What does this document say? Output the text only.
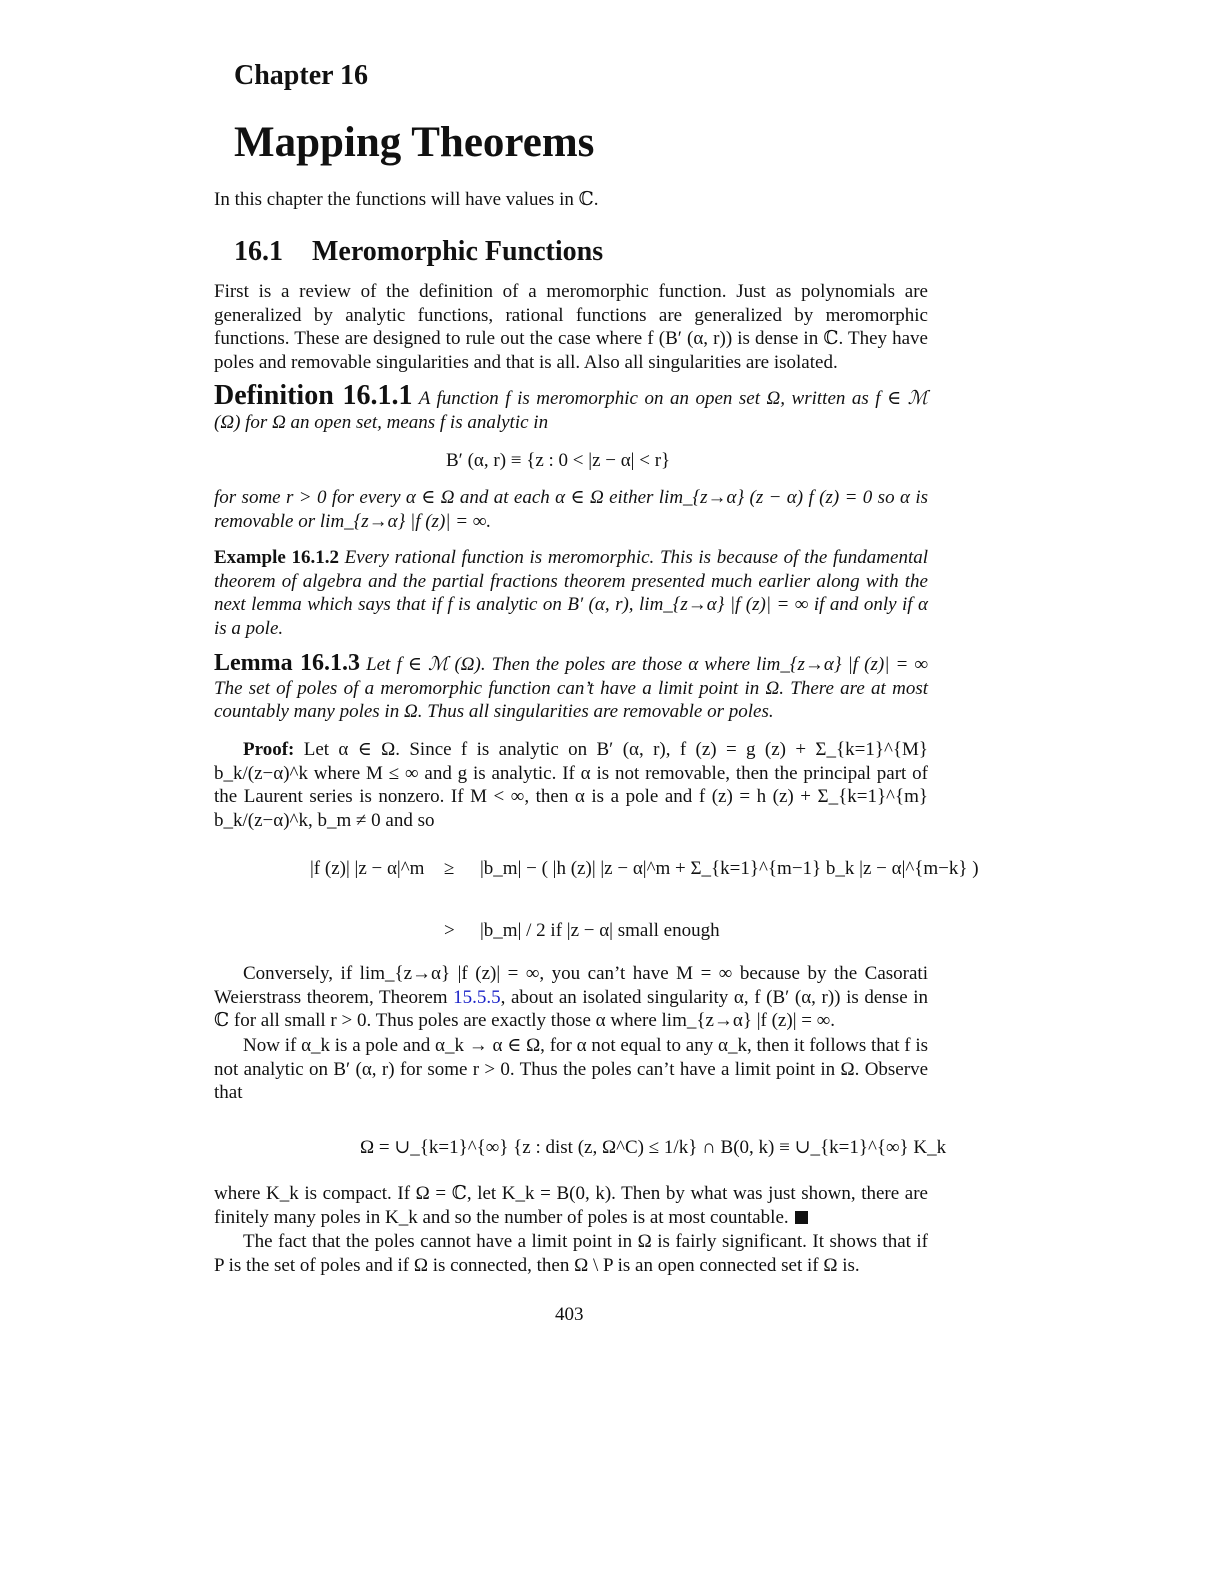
Chapter 16
Mapping Theorems
In this chapter the functions will have values in ℂ.
16.1 Meromorphic Functions
First is a review of the definition of a meromorphic function. Just as polynomials are generalized by analytic functions, rational functions are generalized by meromorphic functions. These are designed to rule out the case where f (B′ (α, r)) is dense in ℂ. They have poles and removable singularities and that is all. Also all singularities are isolated.
Definition 16.1.1 A function f is meromorphic on an open set Ω, written as f ∈ ℳ (Ω) for Ω an open set, means f is analytic in
B′ (α, r) ≡ {z : 0 < |z − α| < r}
for some r > 0 for every α ∈ Ω and at each α ∈ Ω either lim_{z→α} (z − α) f (z) = 0 so α is removable or lim_{z→α} |f (z)| = ∞.
Example 16.1.2 Every rational function is meromorphic. This is because of the fundamental theorem of algebra and the partial fractions theorem presented much earlier along with the next lemma which says that if f is analytic on B′ (α, r), lim_{z→α} |f (z)| = ∞ if and only if α is a pole.
Lemma 16.1.3 Let f ∈ ℳ (Ω). Then the poles are those α where lim_{z→α} |f (z)| = ∞ The set of poles of a meromorphic function can’t have a limit point in Ω. There are at most countably many poles in Ω. Thus all singularities are removable or poles.
Proof: Let α ∈ Ω. Since f is analytic on B′ (α, r), f (z) = g (z) + Σ_{k=1}^{M} b_k/(z−α)^k where M ≤ ∞ and g is analytic. If α is not removable, then the principal part of the Laurent series is nonzero. If M < ∞, then α is a pole and f (z) = h (z) + Σ_{k=1}^{m} b_k/(z−α)^k, b_m ≠ 0 and so
|f (z)| |z − α|^m ≥ |b_m| − ( |h (z)| |z − α|^m + Σ_{k=1}^{m−1} b_k |z − α|^{m−k} )
> |b_m| / 2 if |z − α| small enough
Conversely, if lim_{z→α} |f (z)| = ∞, you can’t have M = ∞ because by the Casorati Weierstrass theorem, Theorem 15.5.5, about an isolated singularity α, f (B′ (α, r)) is dense in ℂ for all small r > 0. Thus poles are exactly those α where lim_{z→α} |f (z)| = ∞.
Now if α_k is a pole and α_k → α ∈ Ω, for α not equal to any α_k, then it follows that f is not analytic on B′ (α, r) for some r > 0. Thus the poles can’t have a limit point in Ω. Observe that
Ω = ∪_{k=1}^{∞} {z : dist (z, Ω^C) ≤ 1/k} ∩ B(0, k) ≡ ∪_{k=1}^{∞} K_k
where K_k is compact. If Ω = ℂ, let K_k = B(0, k). Then by what was just shown, there are finitely many poles in K_k and so the number of poles is at most countable.
The fact that the poles cannot have a limit point in Ω is fairly significant. It shows that if P is the set of poles and if Ω is connected, then Ω \ P is an open connected set if Ω is.
403
